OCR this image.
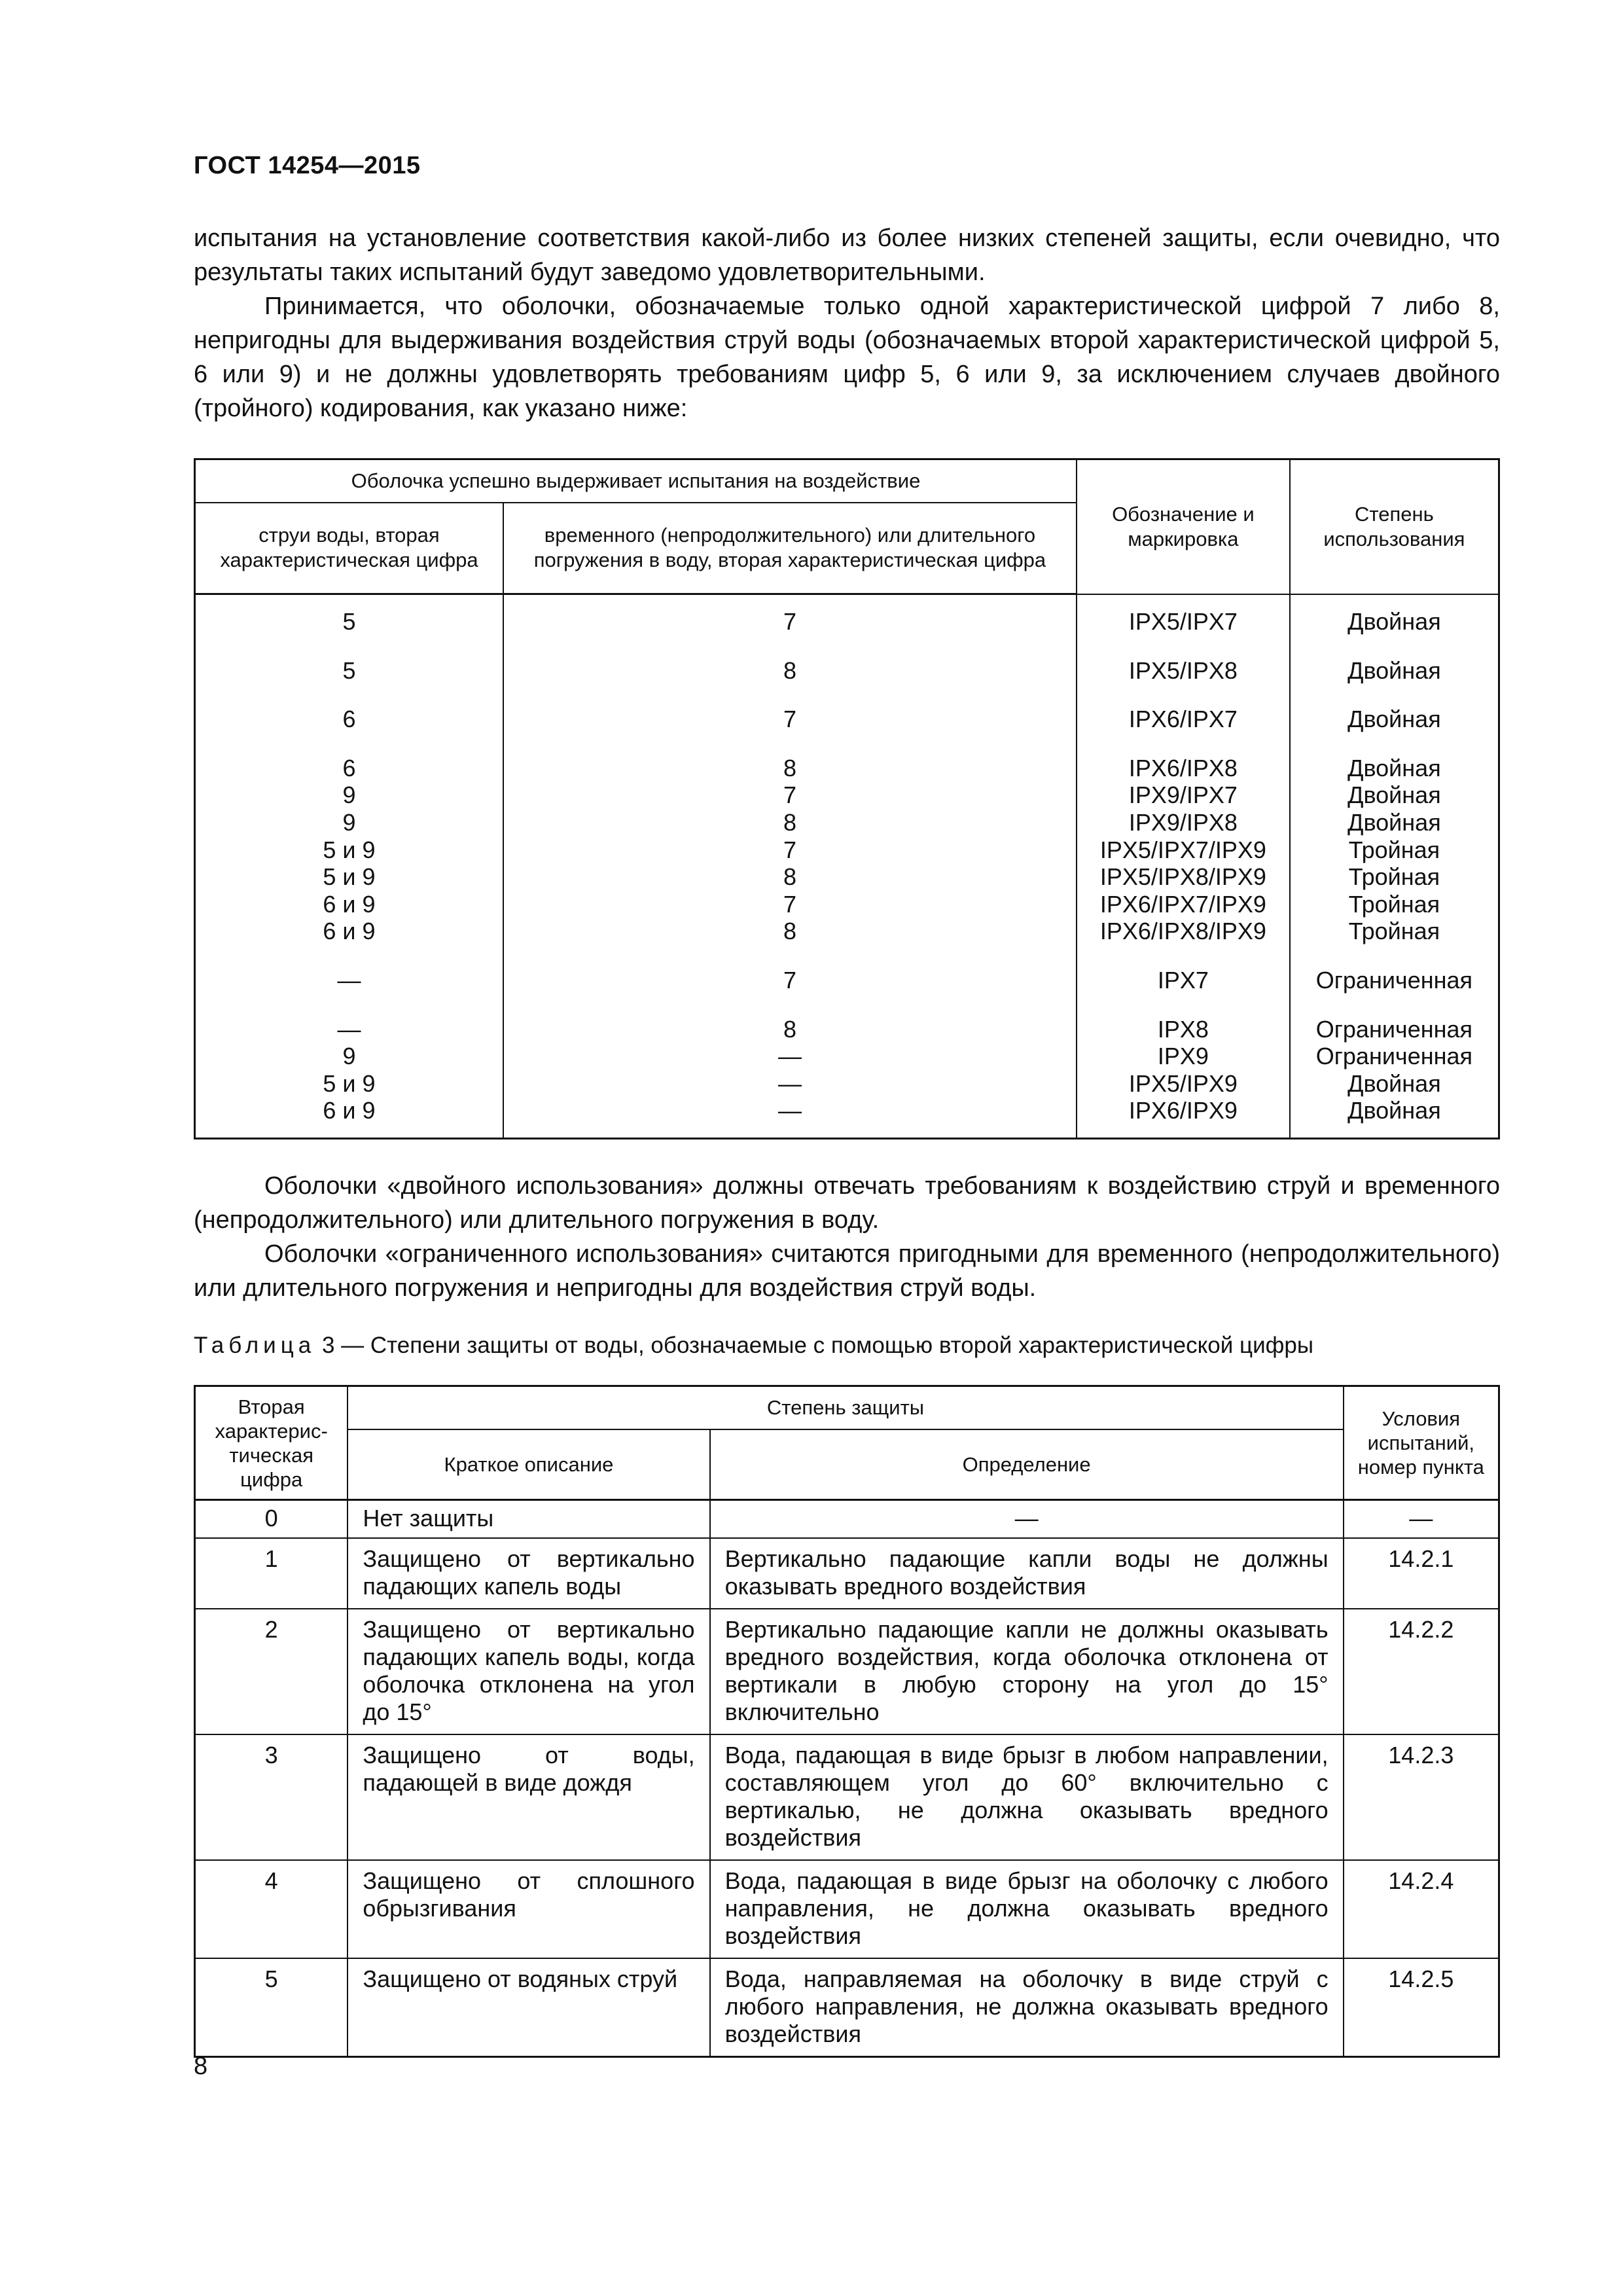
ГОСТ 14254—2015

испытания на установление соответствия какой-либо из более низких степеней защиты, если очевидно, что результаты таких испытаний будут заведомо удовлетворительными.

Принимается, что оболочки, обозначаемые только одной характеристической цифрой 7 либо 8, непригодны для выдерживания воздействия струй воды (обозначаемых второй характеристической цифрой 5, 6 или 9) и не должны удовлетворять требованиям цифр 5, 6 или 9, за исключением случаев двойного (тройного) кодирования, как указано ниже:

Оболочка успешно выдерживает испытания на воздействие		Обозначение и маркировка	Степень использования
струи воды, вторая характеристическая цифра	временного (непродолжительного) или длительного погружения в воду, вторая характеристическая цифра		
5	7	IPX5/IPX7	Двойная

5	8	IPX5/IPX8	Двойная

6	7	IPX6/IPX7	Двойная

6	8	IPX6/IPX8	Двойная
9	7	IPX9/IPX7	Двойная
9	8	IPX9/IPX8	Двойная
5 и 9	7	IPX5/IPX7/IPX9	Тройная
5 и 9	8	IPX5/IPX8/IPX9	Тройная
6 и 9	7	IPX6/IPX7/IPX9	Тройная
6 и 9	8	IPX6/IPX8/IPX9	Тройная

—	7	IPX7	Ограниченная

—	8	IPX8	Ограниченная
9	—	IPX9	Ограниченная
5 и 9	—	IPX5/IPX9	Двойная
6 и 9	—	IPX6/IPX9	Двойная

Оболочки «двойного использования» должны отвечать требованиям к воздействию струй и временного (непродолжительного) или длительного погружения в воду.

Оболочки «ограниченного использования» считаются пригодными для временного (непродолжительного) или длительного погружения и непригодны для воздействия струй воды.

Таблица 3 — Степени защиты от воды, обозначаемые с помощью второй характеристической цифры
Вторая характерис-тическая цифра	Степень защиты		Условия испытаний, номер пункта
	Краткое описание	Определение	
0	Нет защиты	—	—
1	Защищено от вертикально падающих капель воды	Вертикально падающие капли воды не должны оказывать вредного воздействия	14.2.1
2	Защищено от вертикально падающих капель воды, когда оболочка отклонена на угол до 15°	Вертикально падающие капли не должны оказывать вредного воздействия, когда оболочка отклонена от вертикали в любую сторону на угол до 15° включительно	14.2.2
3	Защищено от воды, падающей в виде дождя	Вода, падающая в виде брызг в любом направлении, составляющем угол до 60° включительно с вертикалью, не должна оказывать вредного воздействия	14.2.3
4	Защищено от сплошного обрызгивания	Вода, падающая в виде брызг на оболочку с любого направления, не должна оказывать вредного воздействия	14.2.4
5	Защищено от водяных струй	Вода, направляемая на оболочку в виде струй с любого направления, не должна оказывать вредного воздействия	14.2.5
8
